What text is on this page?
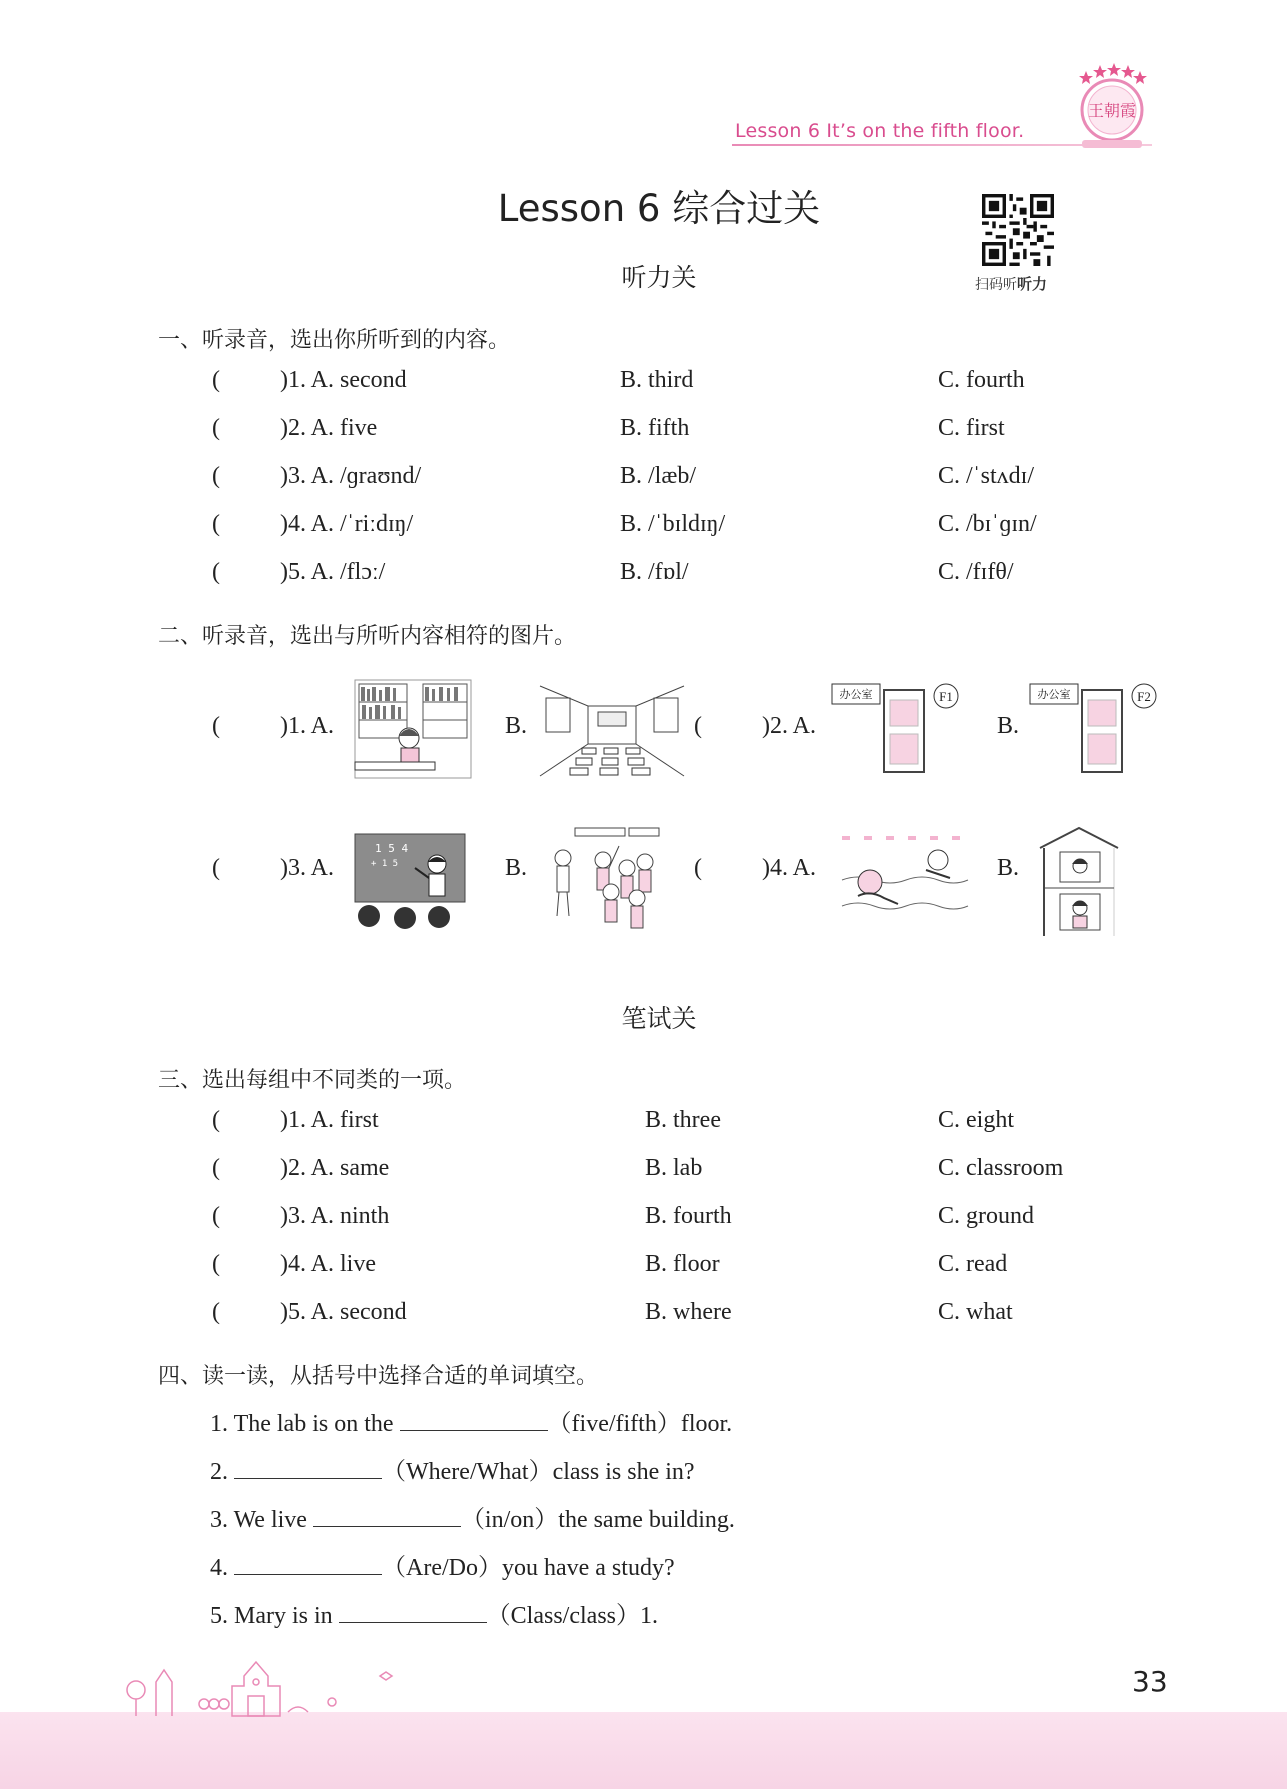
Lesson 6 It’s on the fifth floor.
王朝霞
Lesson 6 综合过关
扫码听听力
听力关
一、听录音，选出你所听到的内容。
(	)1. A. second	B. third	C. fourth
(	)2. A. five	B. fifth	C. first
(	)3. A. /ɡraʊnd/	B. /læb/	C. /ˈstʌdɪ/
(	)4. A. /ˈriːdɪŋ/	B. /ˈbɪldɪŋ/	C. /bɪˈɡɪn/
(	)5. A. /flɔː/	B. /fɒl/	C. /fɪfθ/
二、听录音，选出与所听内容相符的图片。
(	)1. A.	B.	(	)2. A.
办公室	F1
B.
办公室	F2
(	)3. A.
1 5 4
+ 1 5	B.	(	)4. A.	B.
笔试关
三、选出每组中不同类的一项。
(	)1. A. first	B. three	C. eight
(	)2. A. same	B. lab	C. classroom
(	)3. A. ninth	B. fourth	C. ground
(	)4. A. live	B. floor	C. read
(	)5. A. second	B. where	C. what
四、读一读，从括号中选择合适的单词填空。
1. The lab is on the	（five/fifth）floor.
2.	（Where/What）class is she in?
3. We live	（in/on）the same building.
4.	（Are/Do）you have a study?
5. Mary is in	（Class/class）1.
33
